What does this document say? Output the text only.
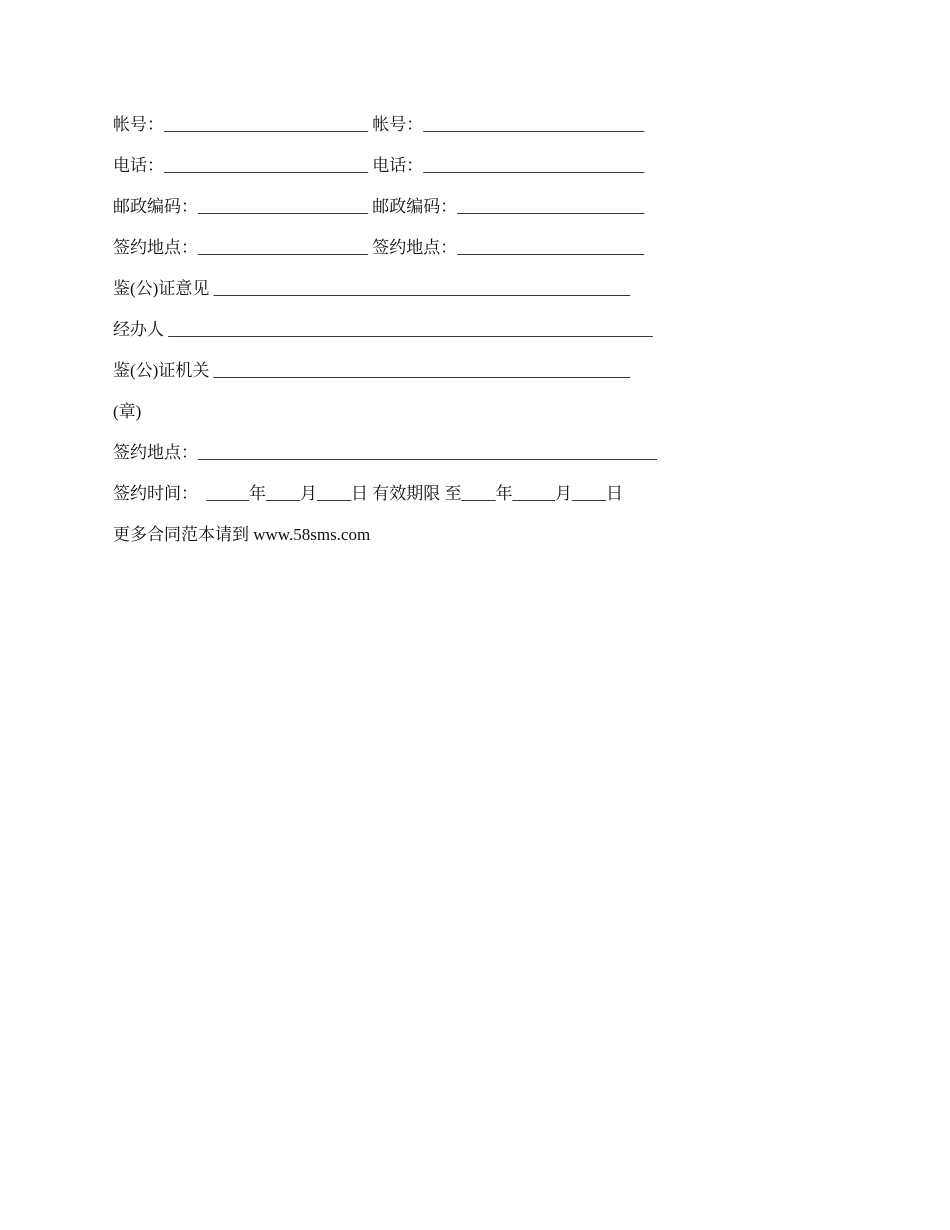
帐号：________________________ 帐号：__________________________
电话：________________________ 电话：__________________________
邮政编码：____________________ 邮政编码：______________________
签约地点：____________________ 签约地点：______________________
鉴(公)证意见 _________________________________________________
经办人 _________________________________________________________
鉴(公)证机关 _________________________________________________
(章)
签约地点：______________________________________________________
签约时间：  _____年____月____日 有效期限 至____年_____月____日
更多合同范本请到 www.58sms.com
